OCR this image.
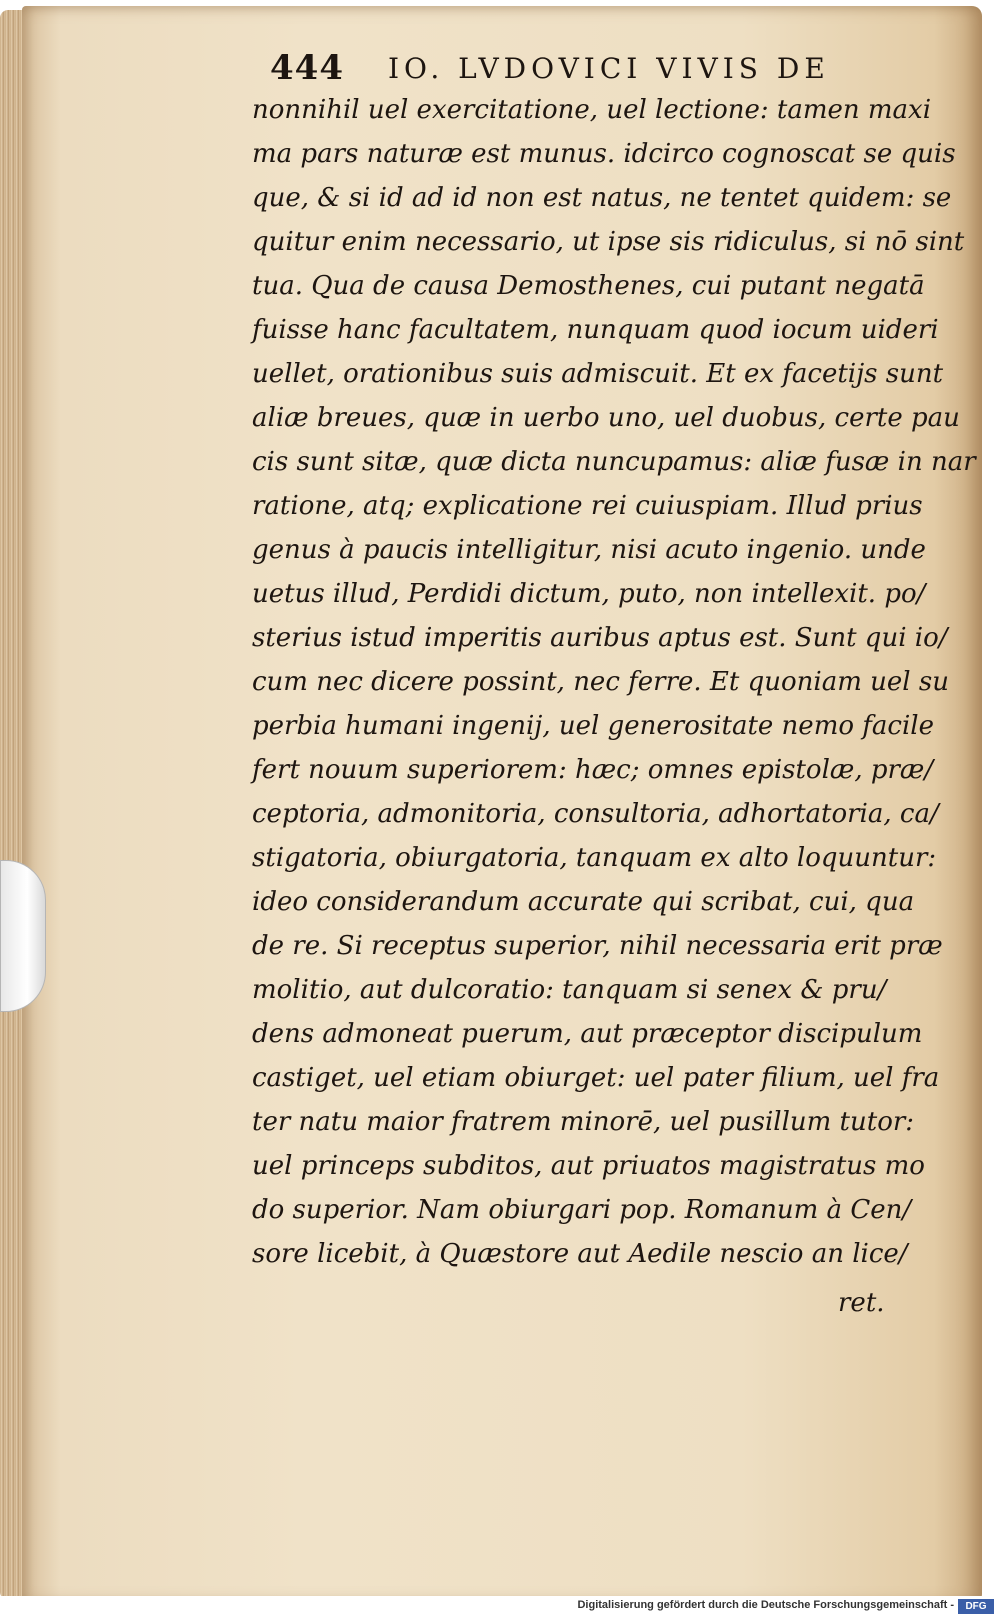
444 IO. LVDOVICI VIVIS DE
nonnihil uel exercitatione, uel lectione: tamen maxi
ma pars naturæ est munus. idcirco cognoscat se quis
que, & si id ad id non est natus, ne tentet quidem: se
quitur enim necessario, ut ipse sis ridiculus, si nō sint
tua. Qua de causa Demosthenes, cui putant negatā
fuisse hanc facultatem, nunquam quod iocum uideri
uellet, orationibus suis admiscuit. Et ex facetijs sunt
aliæ breues, quæ in uerbo uno, uel duobus, certe pau
cis sunt sitæ, quæ dicta nuncupamus: aliæ fusæ in nar
ratione, atq; explicatione rei cuiuspiam. Illud prius
genus à paucis intelligitur, nisi acuto ingenio. unde
uetus illud, Perdidi dictum, puto, non intellexit. po/
sterius istud imperitis auribus aptus est. Sunt qui io/
cum nec dicere possint, nec ferre. Et quoniam uel su
perbia humani ingenij, uel generositate nemo facile
fert nouum superiorem: hæc; omnes epistolæ, præ/
ceptoria, admonitoria, consultoria, adhortatoria, ca/
stigatoria, obiurgatoria, tanquam ex alto loquuntur:
ideo considerandum accurate qui scribat, cui, qua
de re. Si receptus superior, nihil necessaria erit præ
molitio, aut dulcoratio: tanquam si senex & pru/
dens admoneat puerum, aut præceptor discipulum
castiget, uel etiam obiurget: uel pater filium, uel fra
ter natu maior fratrem minorē, uel pusillum tutor:
uel princeps subditos, aut priuatos magistratus mo
do superior. Nam obiurgari pop. Romanum à Cen/
sore licebit, à Quæstore aut Aedile nescio an lice/
ret.
Digitalisierung gefördert durch die Deutsche Forschungsgemeinschaft -	DFG
